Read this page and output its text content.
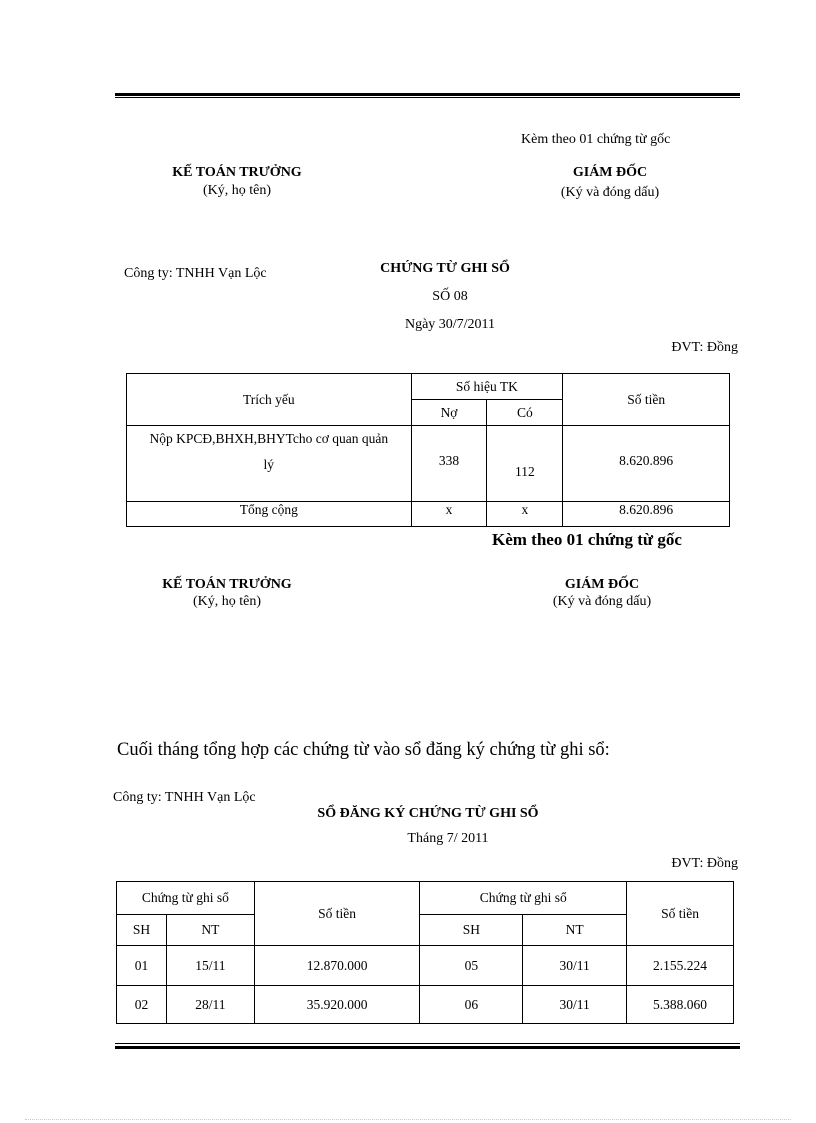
Kèm theo 01 chứng từ gốc
KẾ TOÁN TRƯỞNG
(Ký, họ tên)
GIÁM ĐỐC
(Ký và đóng dấu)
Công ty: TNHH Vạn Lộc	CHỨNG TỪ GHI SỔ
SỐ 08
Ngày 30/7/2011
ĐVT: Đồng
Trích yếu	Số hiệu TK		Số tiền
	Nợ	Có	

Nộp KPCĐ,BHXH,BHYTcho cơ quan quản
lý	338	112	8.620.896
Tổng cộng	x	x	8.620.896
Kèm theo 01 chứng từ gốc
KẾ TOÁN TRƯỞNG
(Ký, họ tên)
GIÁM ĐỐC
(Ký và đóng dấu)
Cuối tháng tổng hợp các chứng từ vào sổ đăng ký chứng từ ghi sổ:
Công ty: TNHH Vạn Lộc
SỔ ĐĂNG KÝ CHỨNG TỪ GHI SỔ
Tháng 7/ 2011
ĐVT: Đồng
Chứng từ ghi sổ		Số tiền	Chứng từ ghi sổ		Số tiền
SH	NT		SH	NT	
01	15/11	12.870.000	05	30/11	2.155.224
02	28/11	35.920.000	06	30/11	5.388.060
